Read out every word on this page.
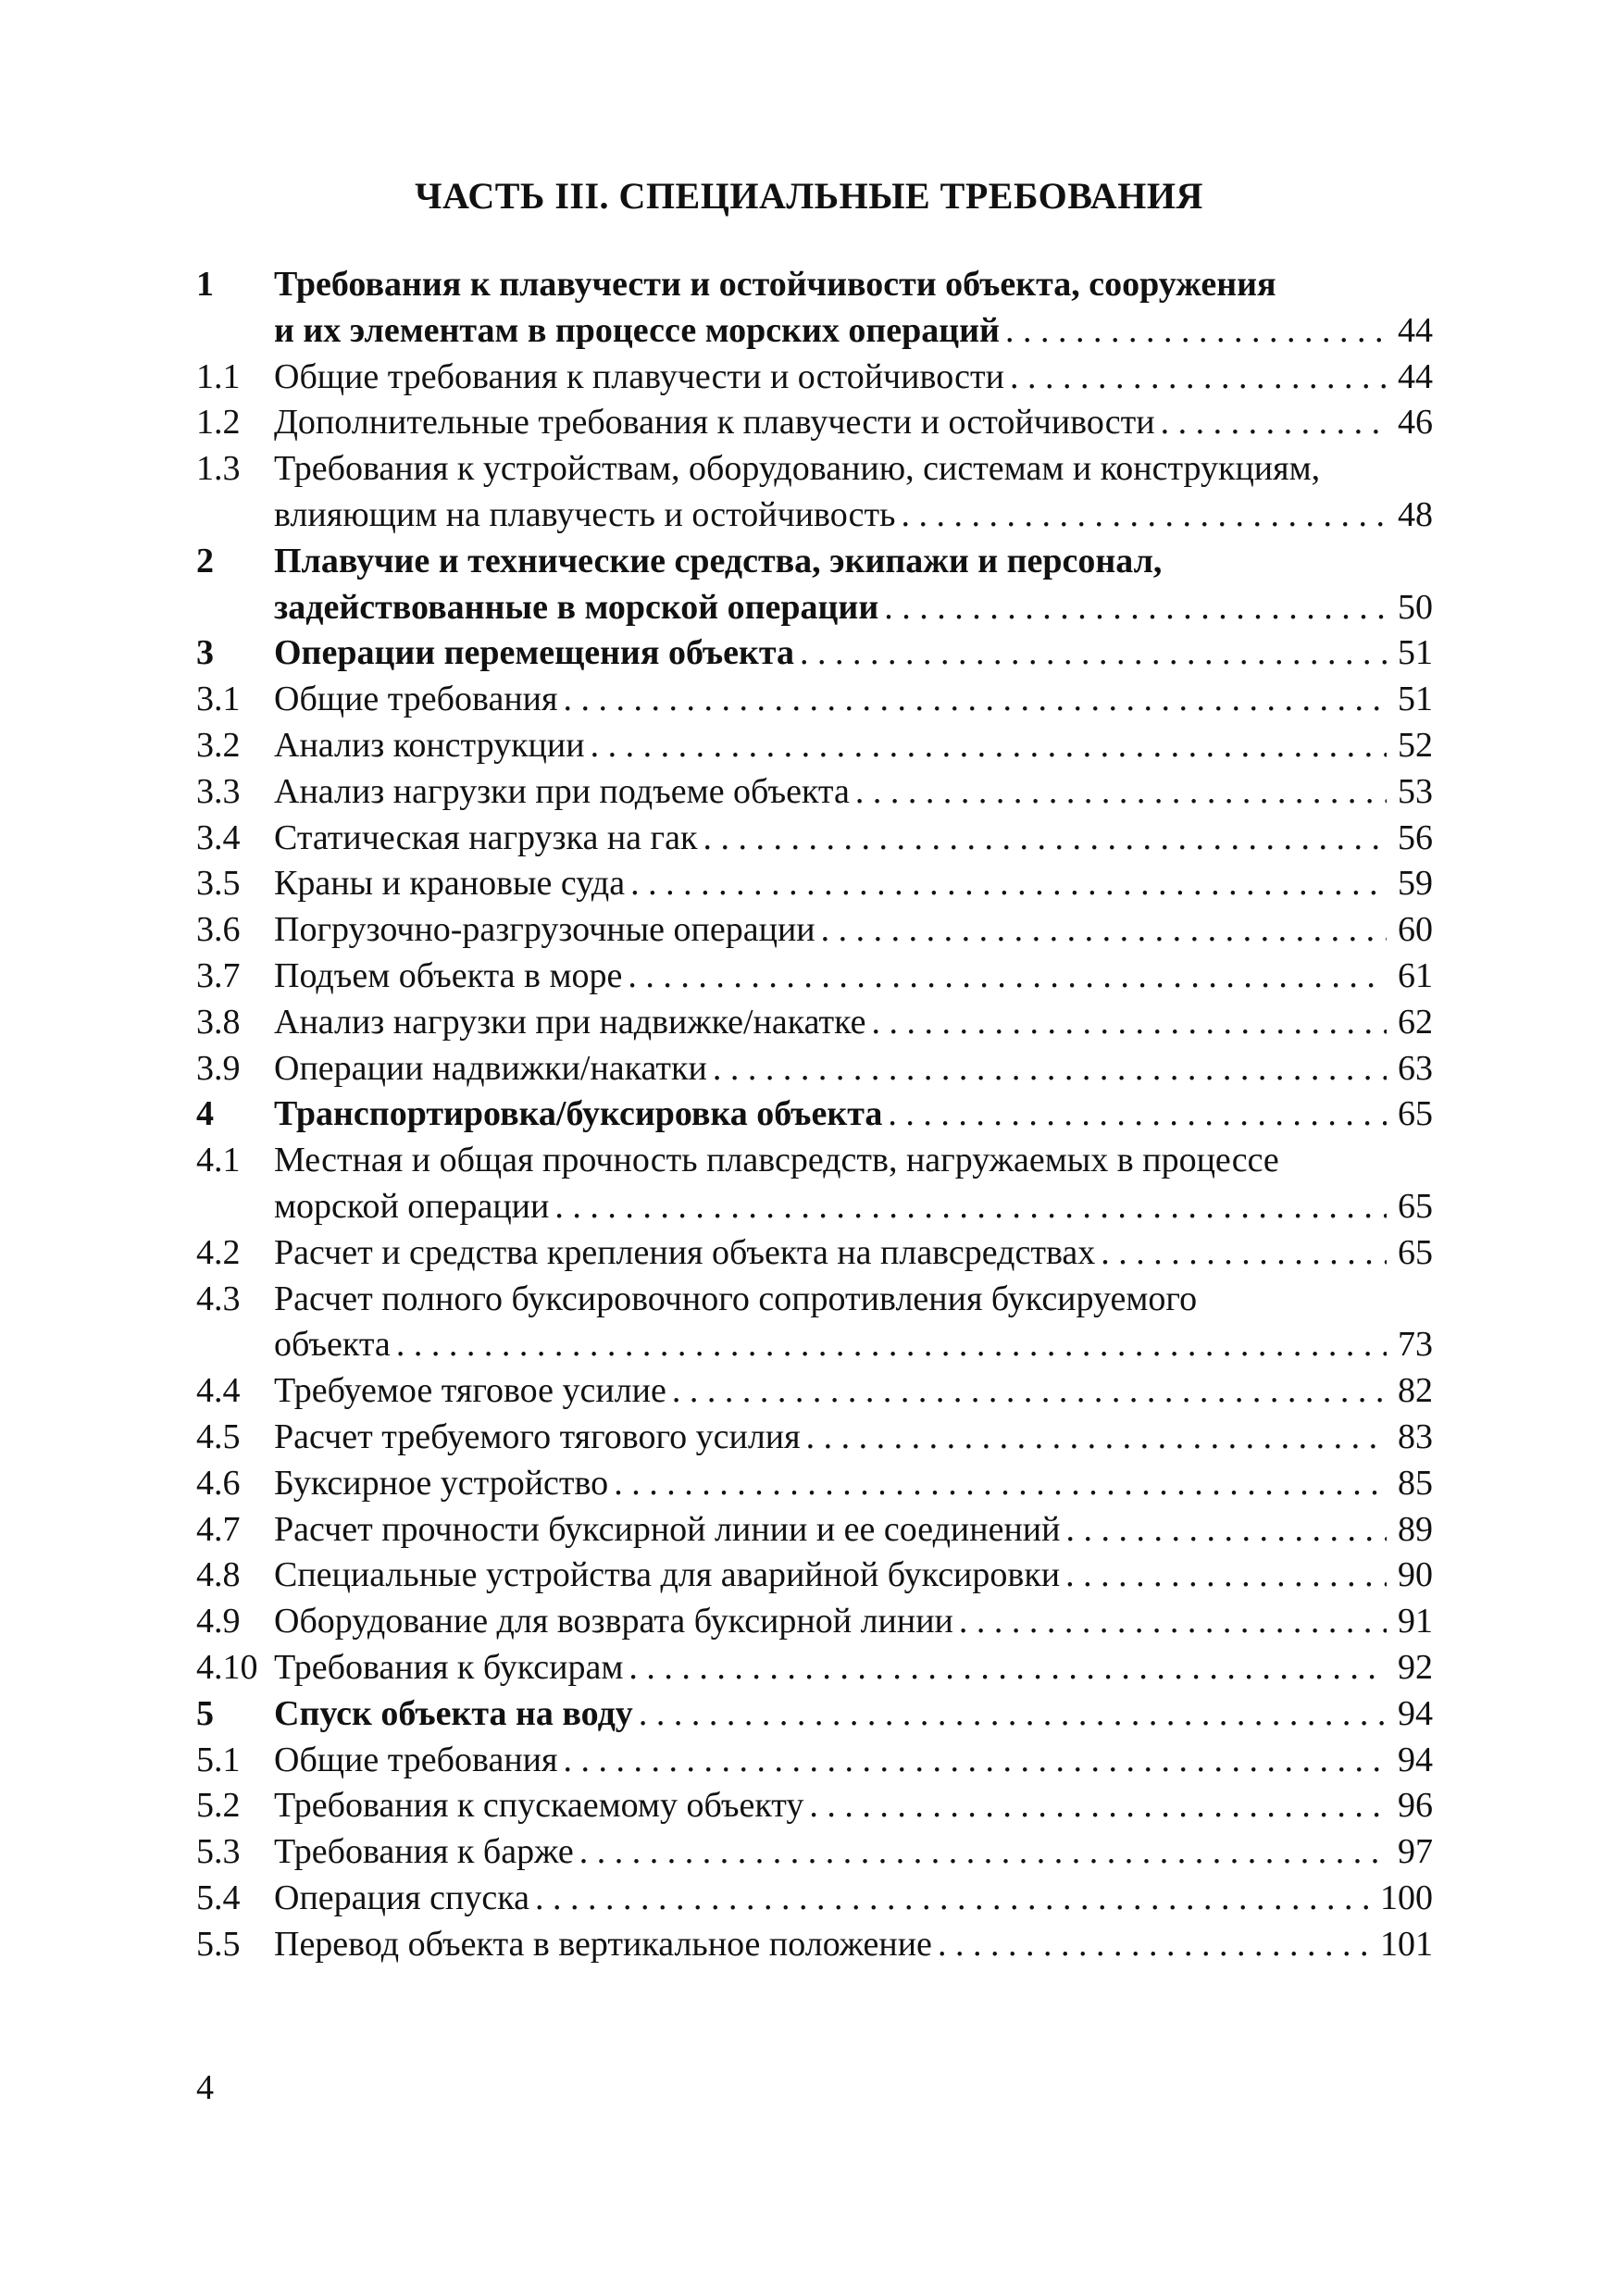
ЧАСТЬ III. СПЕЦИАЛЬНЫЕ ТРЕБОВАНИЯ
1 Требования к плавучести и остойчивости объекта, сооружения
и их элементам в процессе морских операций . . .	44
1.1 Общие требования к плавучести и остойчивости . . .	44
1.2 Дополнительные требования к плавучести и остойчивости . . .	46
1.3 Требования к устройствам, оборудованию, системам и конструкциям,
влияющим на плавучесть и остойчивость . . .	48
2 Плавучие и технические средства, экипажи и персонал,
задействованные в морской операции . . .	50
3 Операции перемещения объекта . . .	51
3.1 Общие требования . . .	51
3.2 Анализ конструкции . . .	52
3.3 Анализ нагрузки при подъеме объекта . . .	53
3.4 Статическая нагрузка на гак . . .	56
3.5 Краны и крановые суда . . .	59
3.6 Погрузочно-разгрузочные операции . . .	60
3.7 Подъем объекта в море . . .	61
3.8 Анализ нагрузки при надвижке/накатке . . .	62
3.9 Операции надвижки/накатки . . .	63
4 Транспортировка/буксировка объекта . . .	65
4.1 Местная и общая прочность плавсредств, нагружаемых в процессе
морской операции . . .	65
4.2 Расчет и средства крепления объекта на плавсредствах . . .	65
4.3 Расчет полного буксировочного сопротивления буксируемого
объекта . . .	73
4.4 Требуемое тяговое усилие . . .	82
4.5 Расчет требуемого тягового усилия . . .	83
4.6 Буксирное устройство . . .	85
4.7 Расчет прочности буксирной линии и ее соединений . . .	89
4.8 Специальные устройства для аварийной буксировки . . .	90
4.9 Оборудование для возврата буксирной линии . . .	91
4.10 Требования к буксирам . . .	92
5 Спуск объекта на воду . . .	94
5.1 Общие требования . . .	94
5.2 Требования к спускаемому объекту . . .	96
5.3 Требования к барже . . .	97
5.4 Операция спуска . . .	100
5.5 Перевод объекта в вертикальное положение . . .	101
4
